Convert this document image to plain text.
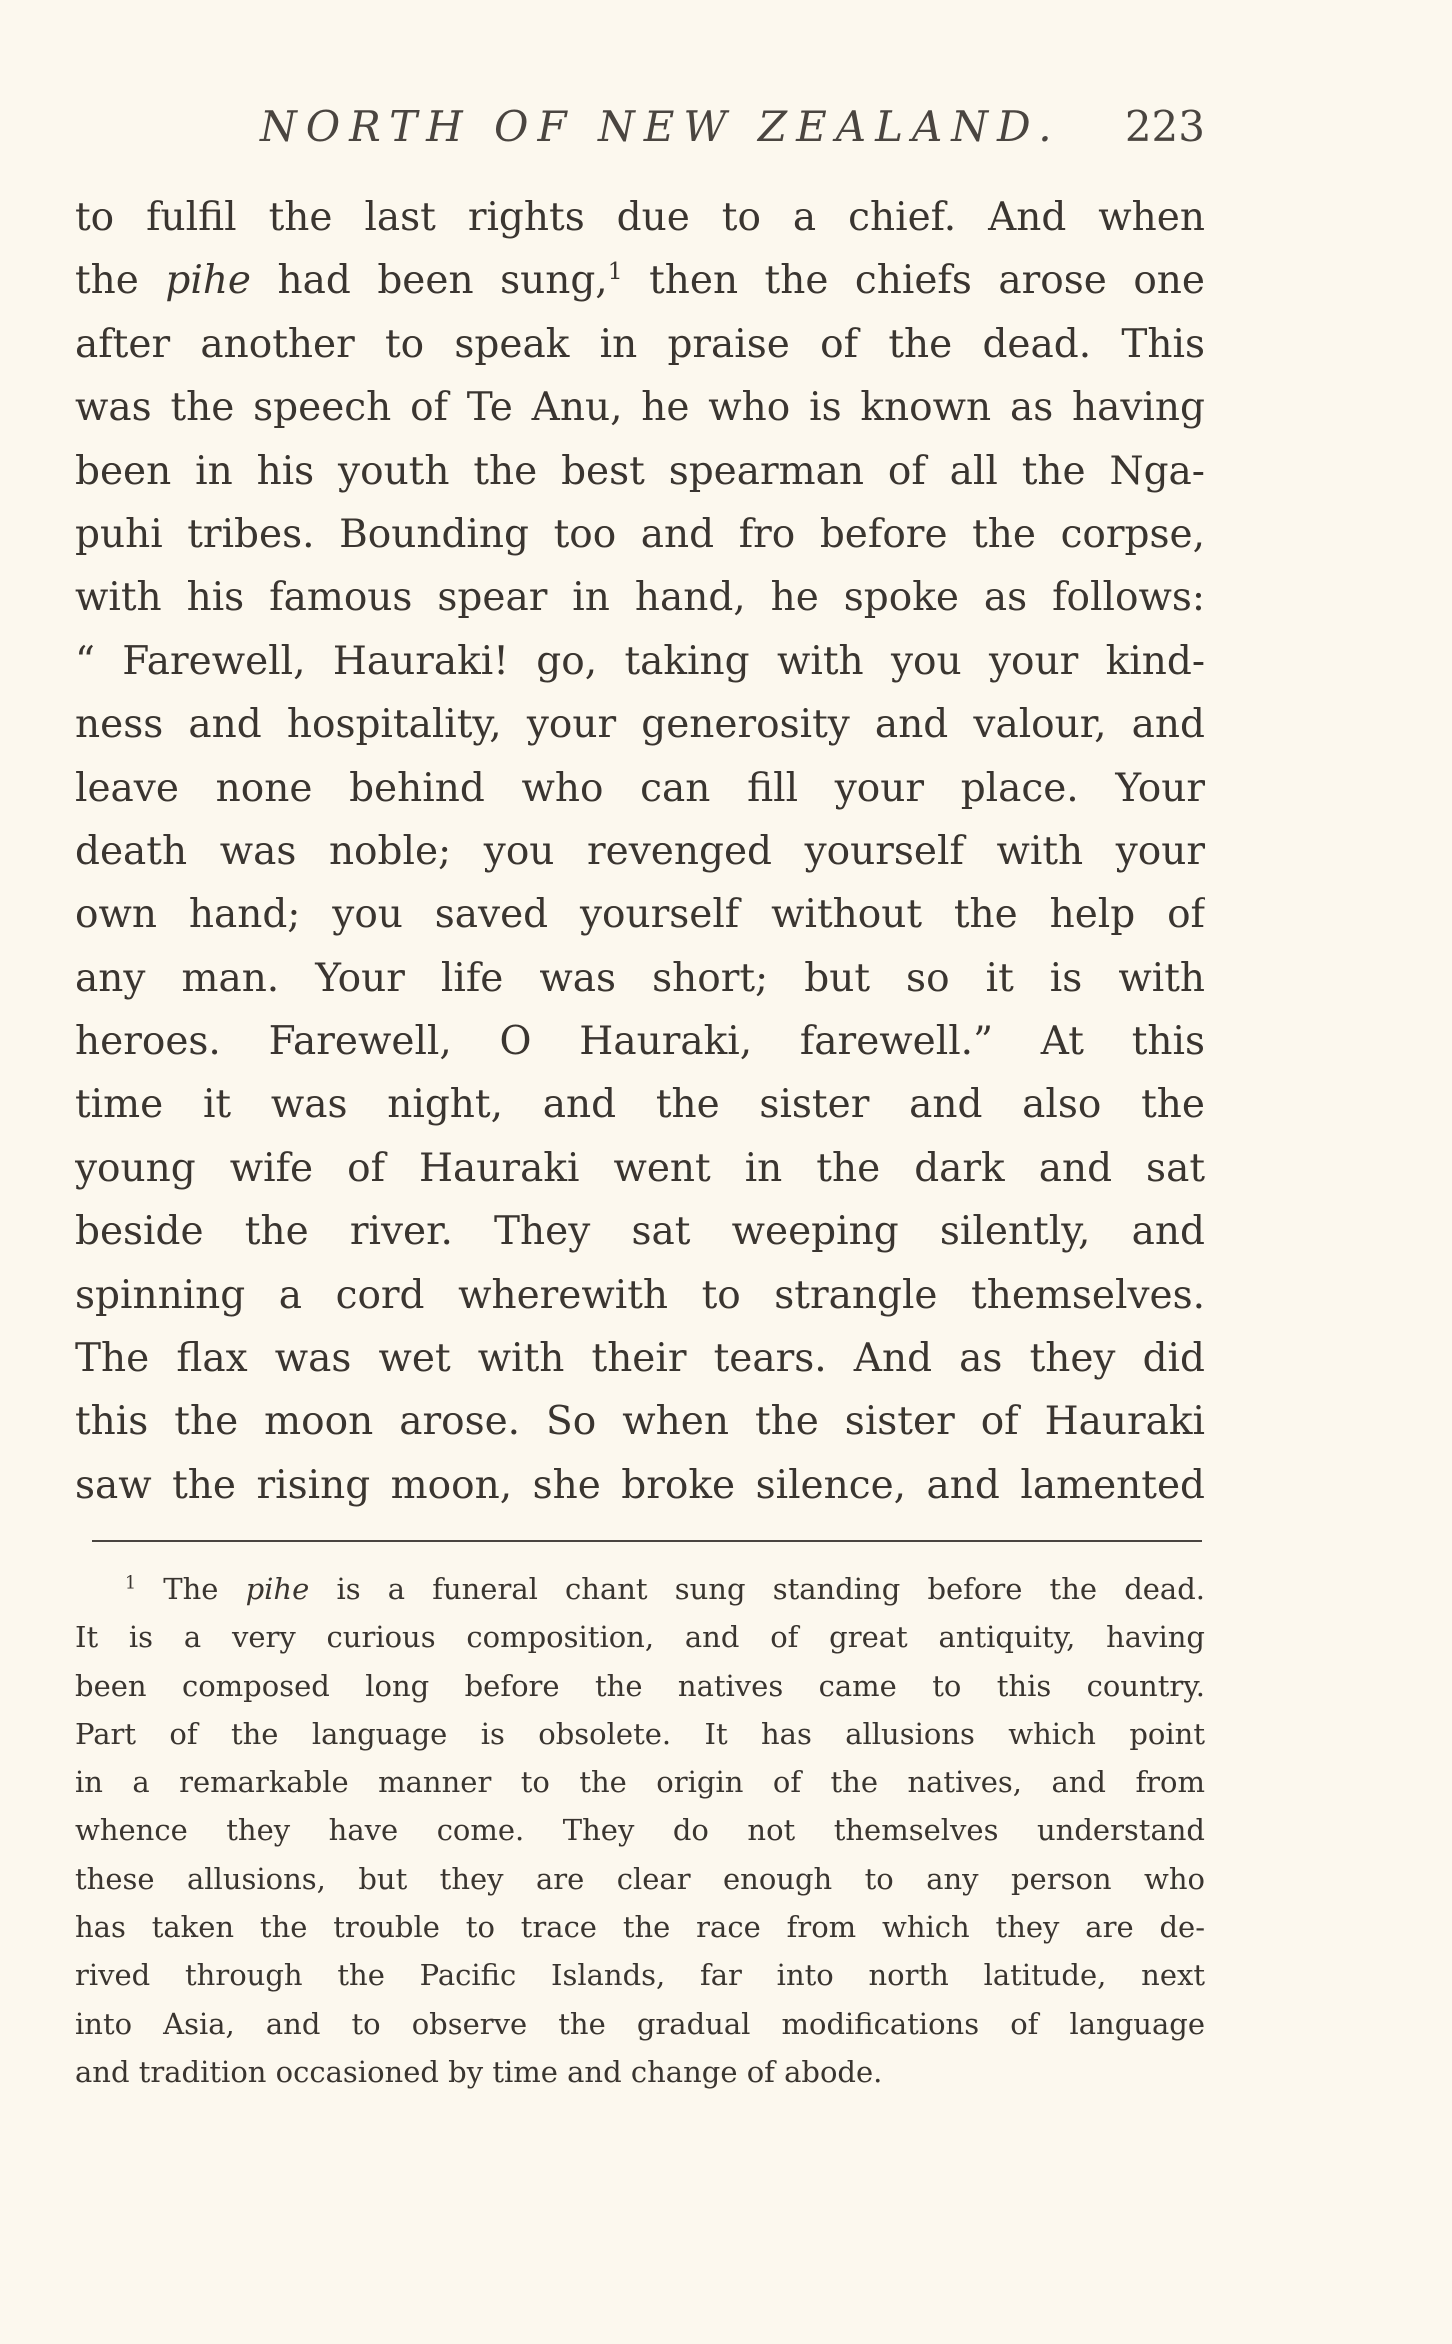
NORTH OF NEW ZEALAND. 223
to fulfil the last rights due to a chief. And when
the pihe had been sung,$^1$ then the chiefs arose one
after another to speak in praise of the dead. This
was the speech of Te Anu, he who is known as having
been in his youth the best spearman of all the Nga-
puhi tribes. Bounding too and fro before the corpse,
with his famous spear in hand, he spoke as follows:
“ Farewell, Hauraki! go, taking with you your kind-
ness and hospitality, your generosity and valour, and
leave none behind who can fill your place. Your
death was noble; you revenged yourself with your
own hand; you saved yourself without the help of
any man. Your life was short; but so it is with
heroes. Farewell, O Hauraki, farewell.” At this
time it was night, and the sister and also the
young wife of Hauraki went in the dark and sat
beside the river. They sat weeping silently, and
spinning a cord wherewith to strangle themselves.
The flax was wet with their tears. And as they did
this the moon arose. So when the sister of Hauraki
saw the rising moon, she broke silence, and lamented
$^1$ The pihe is a funeral chant sung standing before the dead.
It is a very curious composition, and of great antiquity, having
been composed long before the natives came to this country.
Part of the language is obsolete. It has allusions which point
in a remarkable manner to the origin of the natives, and from
whence they have come. They do not themselves understand
these allusions, but they are clear enough to any person who
has taken the trouble to trace the race from which they are de-
rived through the Pacific Islands, far into north latitude, next
into Asia, and to observe the gradual modifications of language
and tradition occasioned by time and change of abode.
